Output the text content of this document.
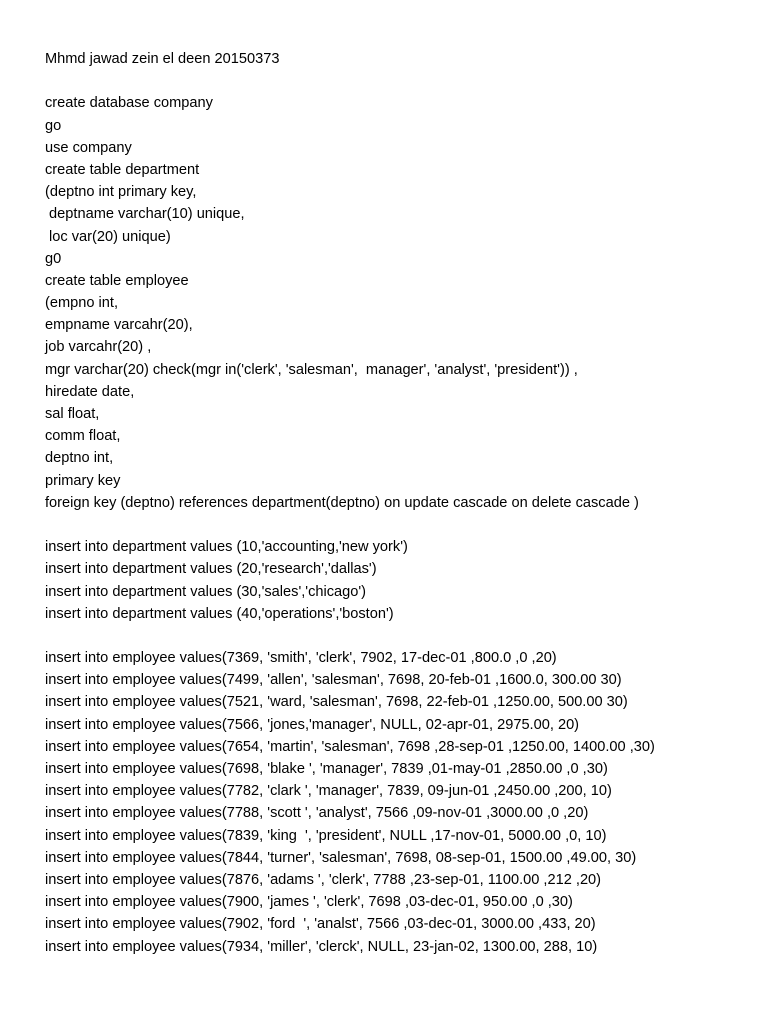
Mhmd jawad zein el deen 20150373
create database company
go
use company
create table department
(deptno int primary key,
deptname varchar(10) unique,
loc var(20) unique)
g0
create table employee
(empno int,
empname varcahr(20),
job varcahr(20) ,
mgr varchar(20) check(mgr in('clerk', 'salesman',  manager', 'analyst', 'president')) ,
hiredate date,
sal float,
comm float,
deptno int,
primary key
foreign key (deptno) references department(deptno) on update cascade on delete cascade )
insert into department values (10,'accounting,'new york')
insert into department values (20,'research','dallas')
insert into department values (30,'sales','chicago')
insert into department values (40,'operations','boston')
insert into employee values(7369, 'smith', 'clerk', 7902, 17-dec-01 ,800.0 ,0 ,20)
insert into employee values(7499, 'allen', 'salesman', 7698, 20-feb-01 ,1600.0, 300.00 30)
insert into employee values(7521, 'ward, 'salesman', 7698, 22-feb-01 ,1250.00, 500.00 30)
insert into employee values(7566, 'jones,'manager', NULL, 02-apr-01, 2975.00, 20)
insert into employee values(7654, 'martin', 'salesman', 7698 ,28-sep-01 ,1250.00, 1400.00 ,30)
insert into employee values(7698, 'blake ', 'manager', 7839 ,01-may-01 ,2850.00 ,0 ,30)
insert into employee values(7782, 'clark ', 'manager', 7839, 09-jun-01 ,2450.00 ,200, 10)
insert into employee values(7788, 'scott ', 'analyst', 7566 ,09-nov-01 ,3000.00 ,0 ,20)
insert into employee values(7839, 'king  ', 'president', NULL ,17-nov-01, 5000.00 ,0, 10)
insert into employee values(7844, 'turner', 'salesman', 7698, 08-sep-01, 1500.00 ,49.00, 30)
insert into employee values(7876, 'adams ', 'clerk', 7788 ,23-sep-01, 1100.00 ,212 ,20)
insert into employee values(7900, 'james ', 'clerk', 7698 ,03-dec-01, 950.00 ,0 ,30)
insert into employee values(7902, 'ford  ', 'analst', 7566 ,03-dec-01, 3000.00 ,433, 20)
insert into employee values(7934, 'miller', 'clerck', NULL, 23-jan-02, 1300.00, 288, 10)
